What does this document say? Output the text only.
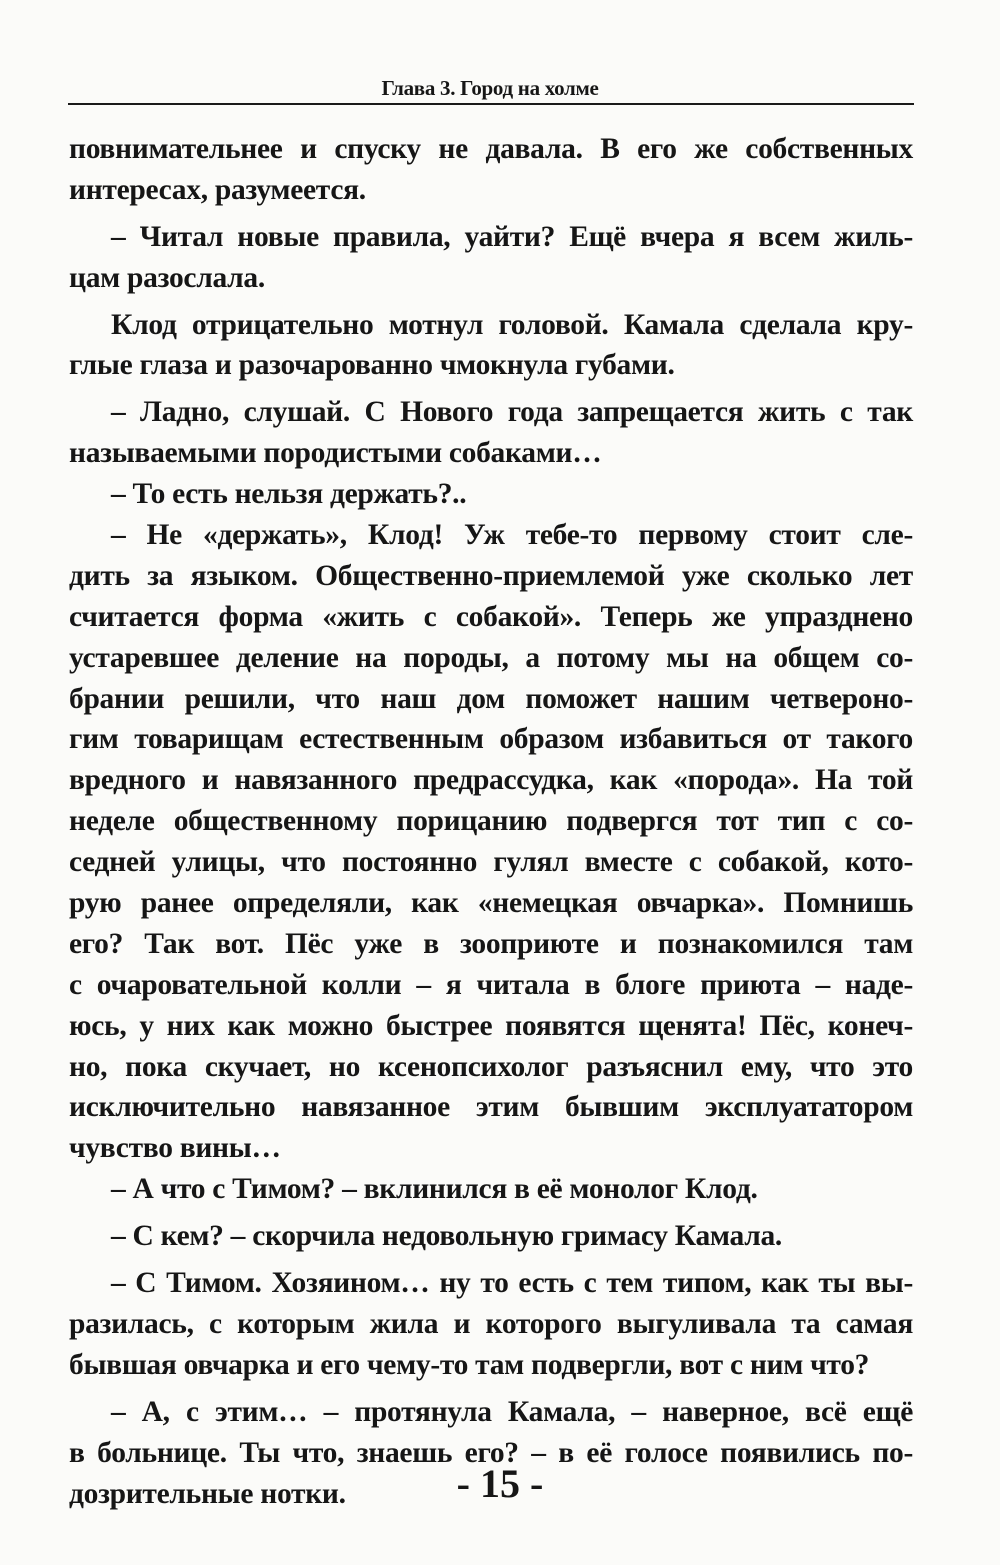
Глава 3. Город на холме
повнимательнее и спуску не давала. В его же собственных
интересах, разумеется.
– Читал новые правила, уайти? Ещё вчера я всем жиль-
цам разослала.
Клод отрицательно мотнул головой. Камала сделала кру-
глые глаза и разочарованно чмокнула губами.
– Ладно, слушай. С Нового года запрещается жить с так
называемыми породистыми собаками…
– То есть нельзя держать?..
– Не «держать», Клод! Уж тебе-то первому стоит сле-
дить за языком. Общественно-приемлемой уже сколько лет
считается форма «жить с собакой». Теперь же упразднено
устаревшее деление на породы, а потому мы на общем со-
брании решили, что наш дом поможет нашим четвероно-
гим товарищам естественным образом избавиться от такого
вредного и навязанного предрассудка, как «порода». На той
неделе общественному порицанию подвергся тот тип с со-
седней улицы, что постоянно гулял вместе с собакой, кото-
рую ранее определяли, как «немецкая овчарка». Помнишь
его? Так вот. Пёс уже в зооприюте и познакомился там
с очаровательной колли – я читала в блоге приюта – наде-
юсь, у них как можно быстрее появятся щенята! Пёс, конеч-
но, пока скучает, но ксенопсихолог разъяснил ему, что это
исключительно навязанное этим бывшим эксплуататором
чувство вины…
– А что с Тимом? – вклинился в её монолог Клод.
– С кем? – скорчила недовольную гримасу Камала.
– С Тимом. Хозяином… ну то есть с тем типом, как ты вы-
разилась, с которым жила и которого выгуливала та самая
бывшая овчарка и его чему-то там подвергли, вот с ним что?
– А, с этим… – протянула Камала, – наверное, всё ещё
в больнице. Ты что, знаешь его? – в её голосе появились по-
дозрительные нотки.	- 15 -
